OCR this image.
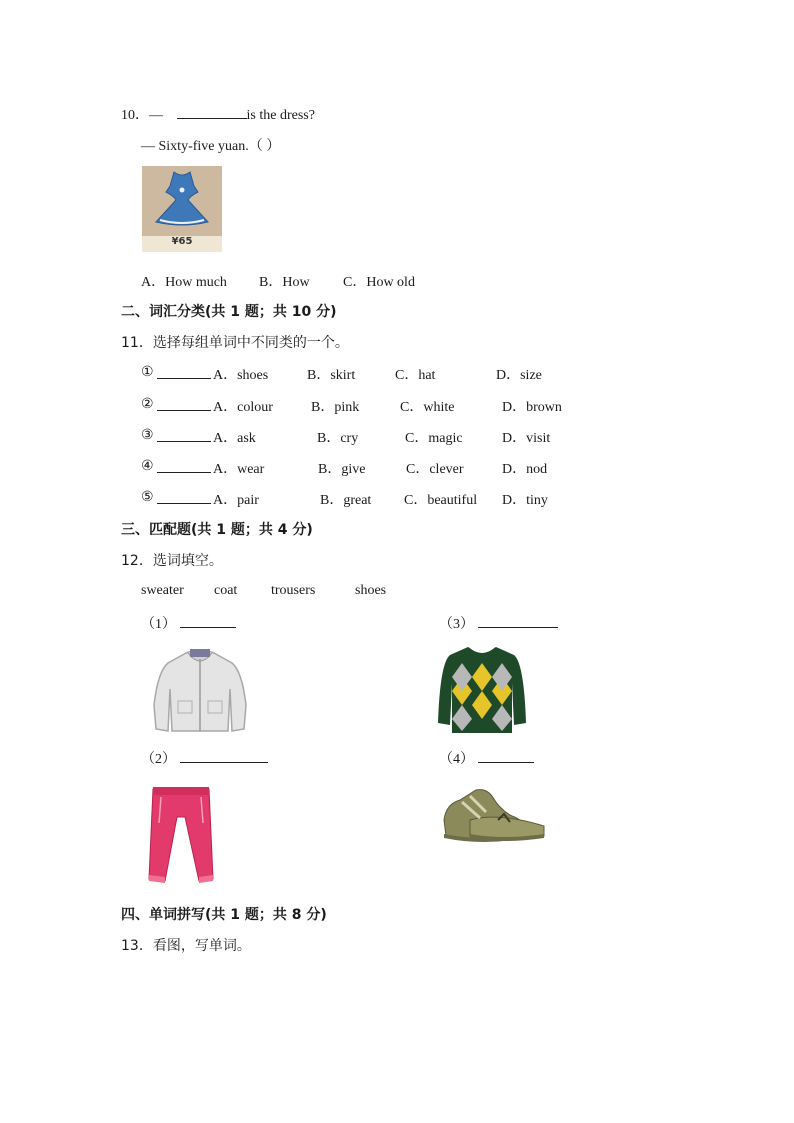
10．—	is the dress?
— Sixty-five yuan.（ ）
¥65
A．How much B．How C．How old
二、词汇分类(共 1 题；共 10 分)
11．选择每组单词中不同类的一个。
①	A．shoes	B．skirt	C．hat	D．size
②	A．colour	B．pink	C．white	D．brown
③	A．ask	B．cry	C．magic	D．visit
④	A．wear	B．give	C．clever	D．nod
⑤	A．pair	B．great C．beautiful D．tiny
三、匹配题(共 1 题；共 4 分)
12．选词填空。
sweater coat trousers	shoes
（1）	（3）
（2）	（4）
四、单词拼写(共 1 题；共 8 分)
13．看图，写单词。
